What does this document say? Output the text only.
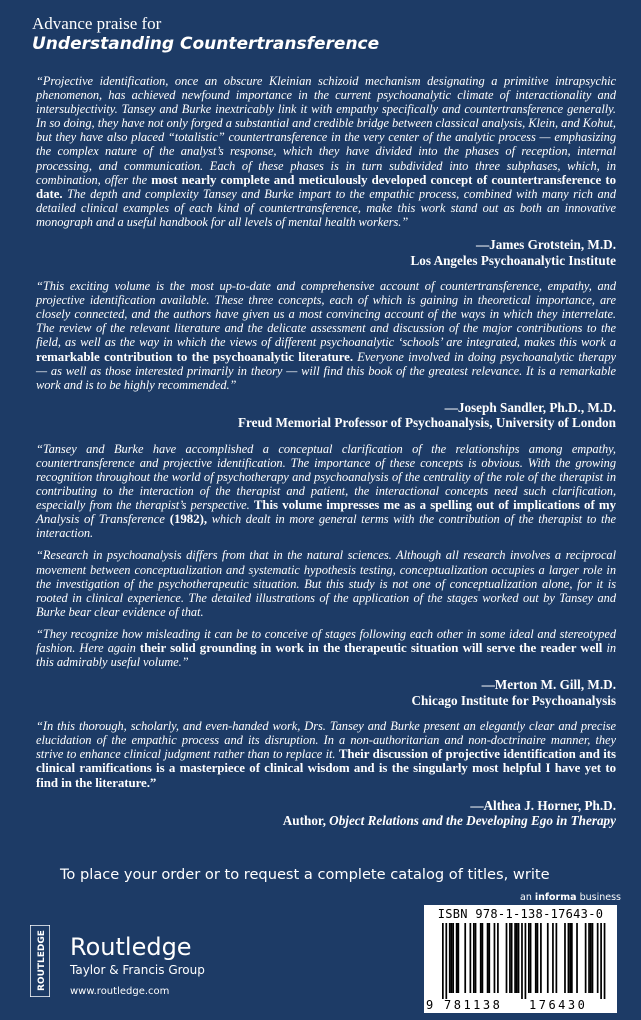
Advance praise for
Understanding Countertransference

“Projective identification, once an obscure Kleinian schizoid mechanism designating a primitive intrapsychic phenomenon, has achieved newfound importance in the current psychoanalytic climate of interactionality and intersubjectivity. Tansey and Burke inextricably link it with empathy specifically and countertransference generally. In so doing, they have not only forged a substantial and credible bridge between classical analysis, Klein, and Kohut, but they have also placed “totalistic” countertransference in the very center of the analytic process — emphasizing the complex nature of the analyst’s response, which they have divided into the phases of reception, internal processing, and communication. Each of these phases is in turn subdivided into three subphases, which, in combination, offer the most nearly complete and meticulously developed concept of countertransference to date. The depth and complexity Tansey and Burke impart to the empathic process, combined with many rich and detailed clinical examples of each kind of countertransference, make this work stand out as both an innovative monograph and a useful handbook for all levels of mental health workers.”

—James Grotstein, M.D.
Los Angeles Psychoanalytic Institute

“This exciting volume is the most up-to-date and comprehensive account of countertransference, empathy, and projective identification available. These three concepts, each of which is gaining in theoretical importance, are closely connected, and the authors have given us a most convincing account of the ways in which they interrelate. The review of the relevant literature and the delicate assessment and discussion of the major contributions to the field, as well as the way in which the views of different psychoanalytic ‘schools’ are integrated, makes this work a remarkable contribution to the psychoanalytic literature. Everyone involved in doing psychoanalytic therapy — as well as those interested primarily in theory — will find this book of the greatest relevance. It is a remarkable work and is to be highly recommended.”

—Joseph Sandler, Ph.D., M.D.
Freud Memorial Professor of Psychoanalysis, University of London

“Tansey and Burke have accomplished a conceptual clarification of the relationships among empathy, countertransference and projective identification. The importance of these concepts is obvious. With the growing recognition throughout the world of psychotherapy and psychoanalysis of the centrality of the role of the therapist in contributing to the interaction of the therapist and patient, the interactional concepts need such clarification, especially from the therapist’s perspective. This volume impresses me as a spelling out of implications of my Analysis of Transference (1982), which dealt in more general terms with the contribution of the therapist to the interaction.

“Research in psychoanalysis differs from that in the natural sciences. Although all research involves a reciprocal movement between conceptualization and systematic hypothesis testing, conceptualization occupies a larger role in the investigation of the psychotherapeutic situation. But this study is not one of conceptualization alone, for it is rooted in clinical experience. The detailed illustrations of the application of the stages worked out by Tansey and Burke bear clear evidence of that.

“They recognize how misleading it can be to conceive of stages following each other in some ideal and stereotyped fashion. Here again their solid grounding in work in the therapeutic situation will serve the reader well in this admirably useful volume.”

—Merton M. Gill, M.D.
Chicago Institute for Psychoanalysis

“In this thorough, scholarly, and even-handed work, Drs. Tansey and Burke present an elegantly clear and precise elucidation of the empathic process and its disruption. In a non-authoritarian and non-doctrinaire manner, they strive to enhance clinical judgment rather than to replace it. Their discussion of projective identification and its clinical ramifications is a masterpiece of clinical wisdom and is the singularly most helpful I have yet to find in the literature.”

—Althea J. Horner, Ph.D.
Author, Object Relations and the Developing Ego in Therapy
To place your order or to request a complete catalog of titles, write
an informa business
ROUTLEDGE Routledge
Taylor & Francis Group
www.routledge.com
ISBN 978-1-138-17643-0
9 781138 176430
